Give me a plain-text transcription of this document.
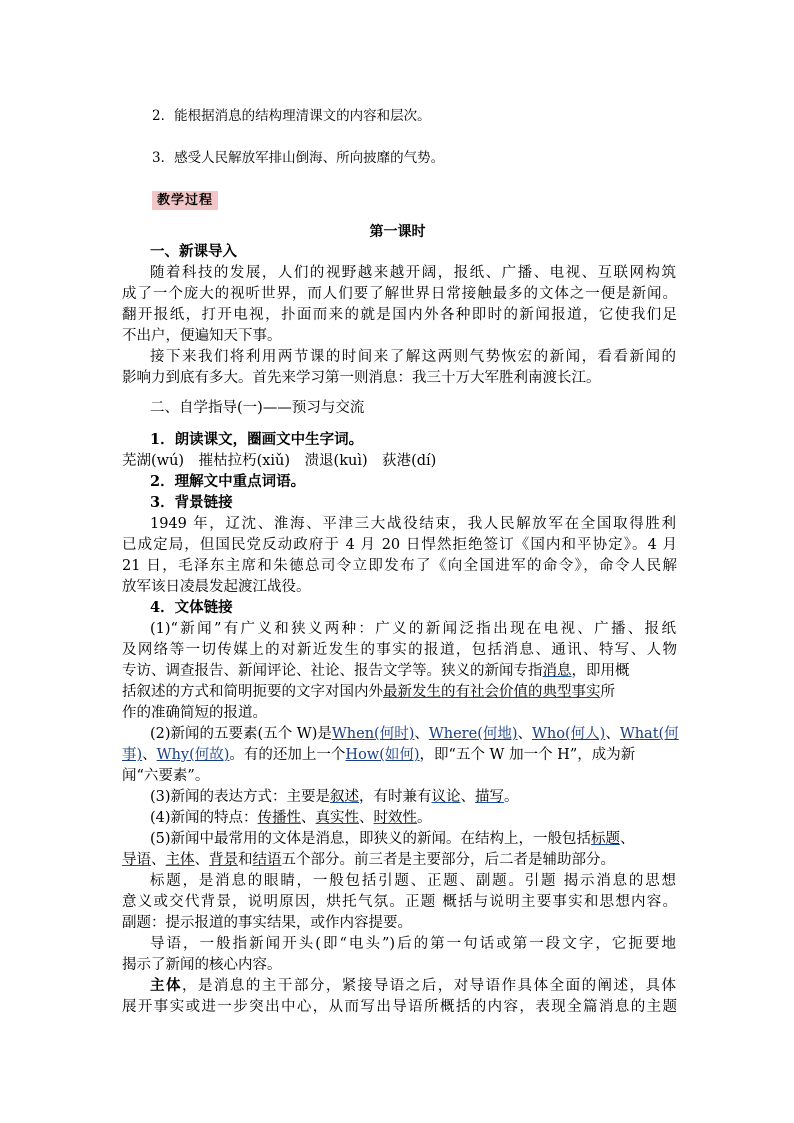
2．能根据消息的结构理清课文的内容和层次。
3．感受人民解放军排山倒海、所向披靡的气势。
教学过程
第一课时
一、新课导入
随着科技的发展，人们的视野越来越开阔，报纸、广播、电视、互联网构筑
成了一个庞大的视听世界，而人们要了解世界日常接触最多的文体之一便是新闻。
翻开报纸，打开电视，扑面而来的就是国内外各种即时的新闻报道，它使我们足
不出户，便遍知天下事。
接下来我们将利用两节课的时间来了解这两则气势恢宏的新闻，看看新闻的
影响力到底有多大。首先来学习第一则消息：我三十万大军胜利南渡长江。
二、自学指导(一)——预习与交流
1．朗读课文，圈画文中生字词。
芜湖(wú)　摧枯拉朽(xiǔ)　溃退(kuì)　荻港(dí)
2．理解文中重点词语。
3．背景链接
1949 年，辽沈、淮海、平津三大战役结束，我人民解放军在全国取得胜利
已成定局，但国民党反动政府于 4 月 20 日悍然拒绝签订《国内和平协定》。4 月
21 日，毛泽东主席和朱德总司令立即发布了《向全国进军的命令》，命令人民解
放军该日凌晨发起渡江战役。
4．文体链接
(1)“新闻”有广义和狭义两种：广义的新闻泛指出现在电视、广播、报纸
及网络等一切传媒上的对新近发生的事实的报道，包括消息、通讯、特写、人物
专访、调查报告、新闻评论、社论、报告文学等。狭义的新闻专指消息，即用概
括叙述的方式和简明扼要的文字对国内外最新发生的有社会价值的典型事实所
作的准确简短的报道。
(2)新闻的五要素(五个 W)是When(何时)、Where(何地)、Who(何人)、What(何
事)、Why(何故)。有的还加上一个How(如何)，即“五个 W 加一个 H”，成为新
闻“六要素”。
(3)新闻的表达方式：主要是叙述，有时兼有议论、描写。
(4)新闻的特点：传播性、真实性、时效性。
(5)新闻中最常用的文体是消息，即狭义的新闻。在结构上，一般包括标题、
导语、主体、背景和结语五个部分。前三者是主要部分，后二者是辅助部分。
标题，是消息的眼睛，一般包括引题、正题、副题。引题 揭示消息的思想
意义或交代背景，说明原因，烘托气氛。正题 概括与说明主要事实和思想内容。
副题：提示报道的事实结果，或作内容提要。
导语，一般指新闻开头(即“电头”)后的第一句话或第一段文字，它扼要地
揭示了新闻的核心内容。
主体，是消息的主干部分，紧接导语之后，对导语作具体全面的阐述，具体
展开事实或进一步突出中心，从而写出导语所概括的内容，表现全篇消息的主题
